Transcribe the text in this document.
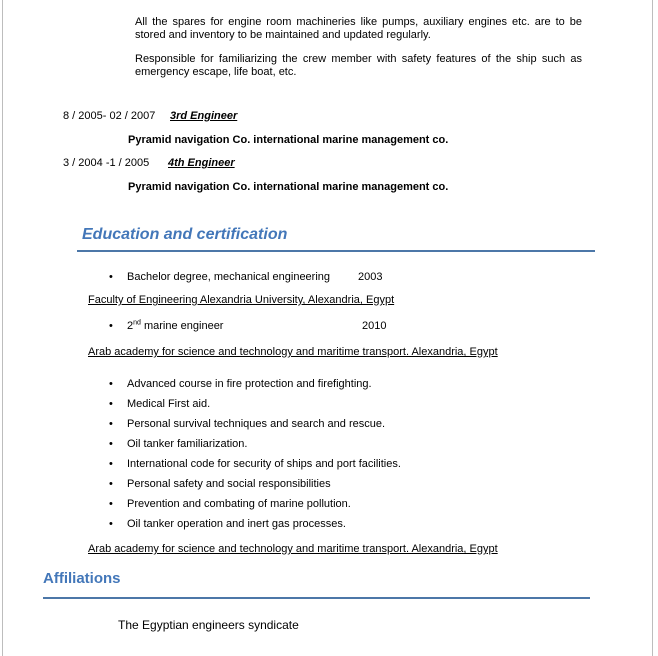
All the spares for engine room machineries like pumps, auxiliary engines etc. are to be stored and inventory to be maintained and updated regularly.
Responsible for familiarizing the crew member with safety features of the ship such as emergency escape, life boat, etc.
8 / 2005- 02 / 2007 3rd Engineer
Pyramid navigation Co. international marine management co.
3 / 2004 -1 / 2005 4th Engineer
Pyramid navigation Co. international marine management co.
Education and certification
• Bachelor degree, mechanical engineering	2003
Faculty of Engineering Alexandria University, Alexandria, Egypt
• 2nd marine engineer	2010
Arab academy for science and technology and maritime transport. Alexandria, Egypt
• Advanced course in fire protection and firefighting.
• Medical First aid.
• Personal survival techniques and search and rescue.
• Oil tanker familiarization.
• International code for security of ships and port facilities.
• Personal safety and social responsibilities
• Prevention and combating of marine pollution.
• Oil tanker operation and inert gas processes.
Arab academy for science and technology and maritime transport. Alexandria, Egypt
Affiliations
The Egyptian engineers syndicate
